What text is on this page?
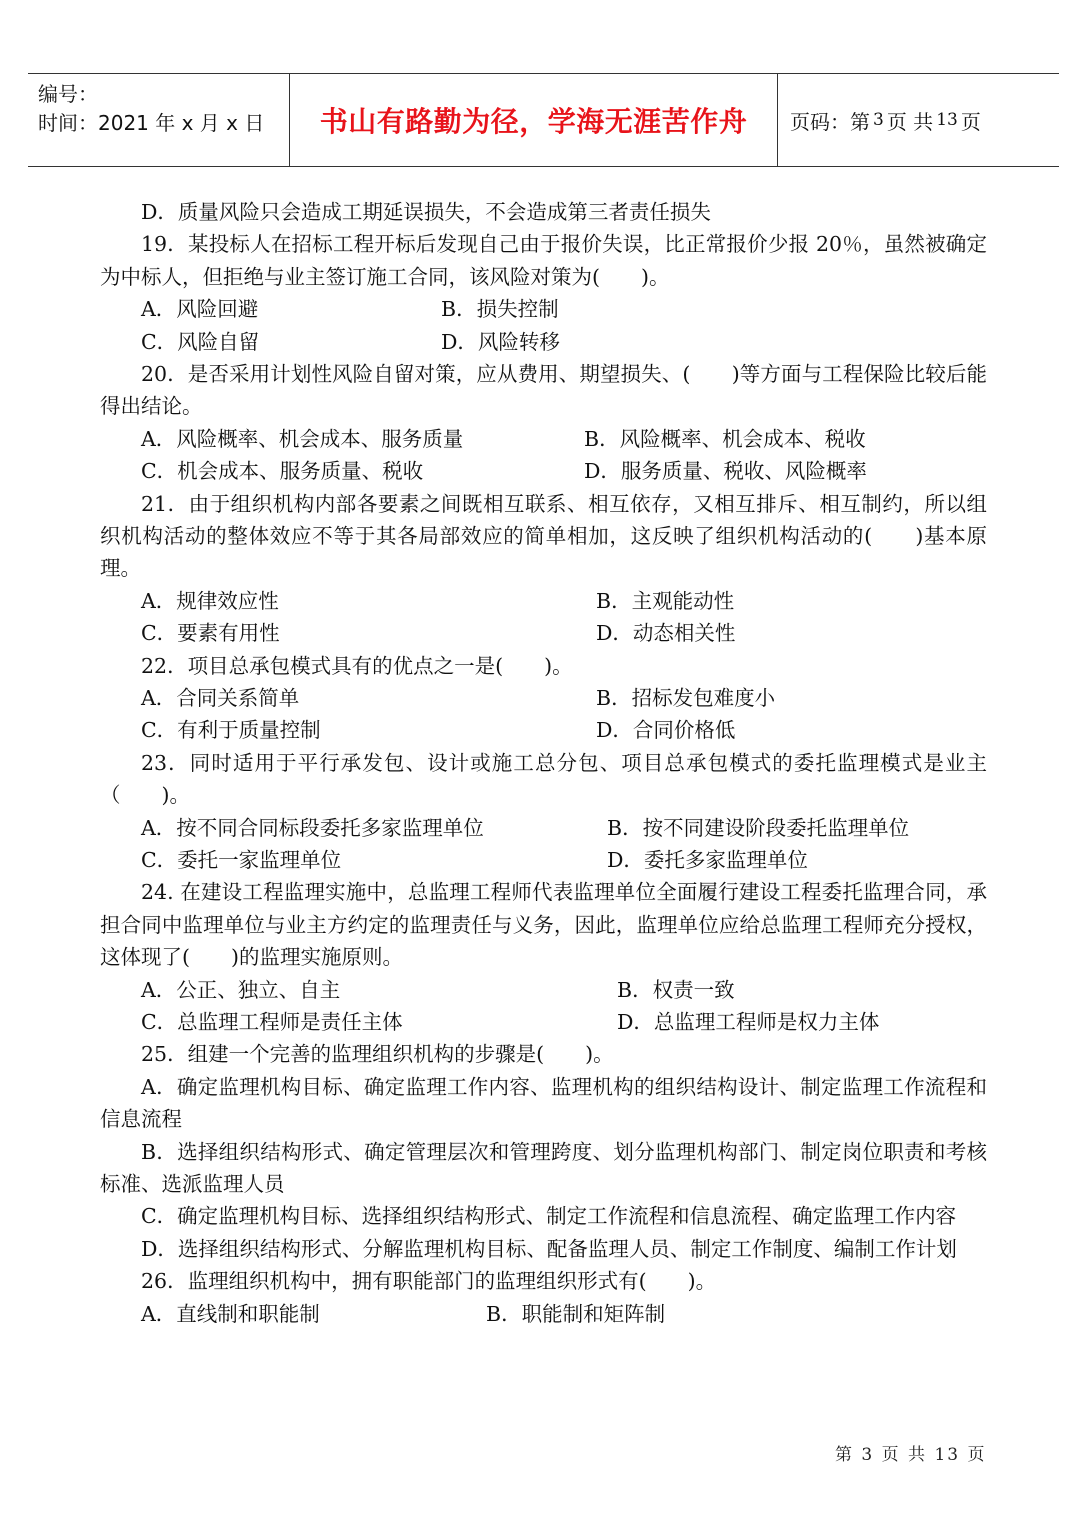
编号：
时间：2021 年 x 月 x 日	书山有路勤为径，学海无涯苦作舟	页码：第 3 页 共 13 页

D．质量风险只会造成工期延误损失，不会造成第三者责任损失

19．某投标人在招标工程开标后发现自己由于报价失误，比正常报价少报 20％，虽然被确定为中标人，但拒绝与业主签订施工合同，该风险对策为(　　)。

A．风险回避	B．损失控制
C．风险自留	D．风险转移

20．是否采用计划性风险自留对策，应从费用、期望损失、(　　)等方面与工程保险比较后能得出结论。

A．风险概率、机会成本、服务质量	B．风险概率、机会成本、税收
C．机会成本、服务质量、税收	D．服务质量、税收、风险概率

21．由于组织机构内部各要素之间既相互联系、相互依存，又相互排斥、相互制约，所以组织机构活动的整体效应不等于其各局部效应的简单相加，这反映了组织机构活动的(　　)基本原理。

A．规律效应性	B．主观能动性
C．要素有用性	D．动态相关性

22．项目总承包模式具有的优点之一是(　　)。

A．合同关系简单	B．招标发包难度小
C．有利于质量控制	D．合同价格低

23．同时适用于平行承发包、设计或施工总分包、项目总承包模式的委托监理模式是业主（　　)。

A．按不同合同标段委托多家监理单位	B．按不同建设阶段委托监理单位
C．委托一家监理单位	D．委托多家监理单位

24. 在建设工程监理实施中，总监理工程师代表监理单位全面履行建设工程委托监理合同，承担合同中监理单位与业主方约定的监理责任与义务，因此，监理单位应给总监理工程师充分授权，这体现了(　　)的监理实施原则。

A．公正、独立、自主	B．权责一致
C．总监理工程师是责任主体	D．总监理工程师是权力主体

25．组建一个完善的监理组织机构的步骤是(　　)。

A．确定监理机构目标、确定监理工作内容、监理机构的组织结构设计、制定监理工作流程和信息流程

B．选择组织结构形式、确定管理层次和管理跨度、划分监理机构部门、制定岗位职责和考核标准、选派监理人员

C．确定监理机构目标、选择组织结构形式、制定工作流程和信息流程、确定监理工作内容

D．选择组织结构形式、分解监理机构目标、配备监理人员、制定工作制度、编制工作计划

26．监理组织机构中，拥有职能部门的监理组织形式有(　　)。

A．直线制和职能制	B．职能制和矩阵制
第 3 页 共 13 页
